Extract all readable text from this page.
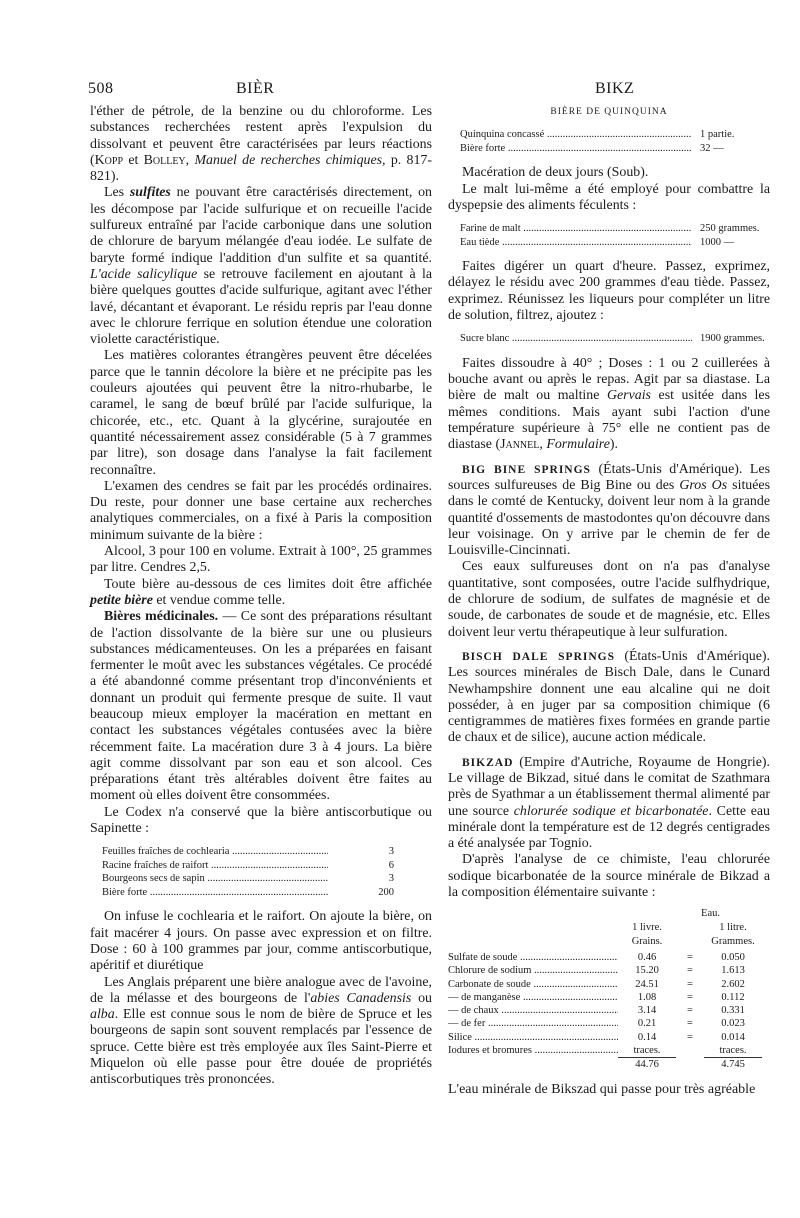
508	BIÈR	BIKZ

l'éther de pétrole, de la benzine ou du chloroforme. Les substances recherchées restent après l'expulsion du dissolvant et peuvent être caractérisées par leurs réactions (Kopp et Bolley, Manuel de recherches chimiques, p. 817-821).

Les sulfites ne pouvant être caractérisés directement, on les décompose par l'acide sulfurique et on recueille l'acide sulfureux entraîné par l'acide carbonique dans une solution de chlorure de baryum mélangée d'eau iodée. Le sulfate de baryte formé indique l'addition d'un sulfite et sa quantité. L'acide salicylique se retrouve facilement en ajoutant à la bière quelques gouttes d'acide sulfurique, agitant avec l'éther lavé, décantant et évaporant. Le résidu repris par l'eau donne avec le chlorure ferrique en solution étendue une coloration violette caractéristique.

Les matières colorantes étrangères peuvent être décelées parce que le tannin décolore la bière et ne précipite pas les couleurs ajoutées qui peuvent être la nitro-rhubarbe, le caramel, le sang de bœuf brûlé par l'acide sulfurique, la chicorée, etc., etc. Quant à la glycérine, surajoutée en quantité nécessairement assez considérable (5 à 7 grammes par litre), son dosage dans l'analyse la fait facilement reconnaître.

L'examen des cendres se fait par les procédés ordinaires. Du reste, pour donner une base certaine aux recherches analytiques commerciales, on a fixé à Paris la composition minimum suivante de la bière :

Alcool, 3 pour 100 en volume. Extrait à 100°, 25 grammes par litre. Cendres 2,5.

Toute bière au-dessous de ces limites doit être affichée petite bière et vendue comme telle.

Bières médicinales. — Ce sont des préparations résultant de l'action dissolvante de la bière sur une ou plusieurs substances médicamenteuses. On les a préparées en faisant fermenter le moût avec les substances végétales. Ce procédé a été abandonné comme présentant trop d'inconvénients et donnant un produit qui fermente presque de suite. Il vaut beaucoup mieux employer la macération en mettant en contact les substances végétales contusées avec la bière récemment faite. La macération dure 3 à 4 jours. La bière agit comme dissolvant par son eau et son alcool. Ces préparations étant très altérables doivent être faites au moment où elles doivent être consommées.

Le Codex n'a conservé que la bière antiscorbutique ou Sapinette :

Feuilles fraîches de cochlearia .....	3
Racine fraîches de raifort .....	6
Bourgeons secs de sapin .....	3
Bière forte .....	200

On infuse le cochlearia et le raifort. On ajoute la bière, on fait macérer 4 jours. On passe avec expression et on filtre. Dose : 60 à 100 grammes par jour, comme antiscorbutique, apéritif et diurétique

Les Anglais préparent une bière analogue avec de l'avoine, de la mélasse et des bourgeons de l'abies Canadensis ou alba. Elle est connue sous le nom de bière de Spruce et les bourgeons de sapin sont souvent remplacés par l'essence de spruce. Cette bière est très employée aux îles Saint-Pierre et Miquelon où elle passe pour être douée de propriétés antiscorbutiques très prononcées.

BIÈRE DE QUINQUINA
Quinquina concassé .....	1 partie.
Bière forte .....	32 —

Macération de deux jours (Soub).

Le malt lui-même a été employé pour combattre la dyspepsie des aliments féculents :

Farine de malt .....	250 grammes.
Eau tiède .....	1000 —

Faites digérer un quart d'heure. Passez, exprimez, délayez le résidu avec 200 grammes d'eau tiède. Passez, exprimez. Réunissez les liqueurs pour compléter un litre de solution, filtrez, ajoutez :

Sucre blanc .....	1900 grammes.

Faites dissoudre à 40° ; Doses : 1 ou 2 cuillerées à bouche avant ou après le repas. Agit par sa diastase. La bière de malt ou maltine Gervais est usitée dans les mêmes conditions. Mais ayant subi l'action d'une température supérieure à 75° elle ne contient pas de diastase (Jannel, Formulaire).

BIG BINE SPRINGS (États-Unis d'Amérique). Les sources sulfureuses de Big Bine ou des Gros Os situées dans le comté de Kentucky, doivent leur nom à la grande quantité d'ossements de mastodontes qu'on découvre dans leur voisinage. On y arrive par le chemin de fer de Louisville-Cincinnati.

Ces eaux sulfureuses dont on n'a pas d'analyse quantitative, sont composées, outre l'acide sulfhydrique, de chlorure de sodium, de sulfates de magnésie et de soude, de carbonates de soude et de magnésie, etc. Elles doivent leur vertu thérapeutique à leur sulfuration.

BISCH DALE SPRINGS (États-Unis d'Amérique). Les sources minérales de Bisch Dale, dans le Cunard Newhampshire donnent une eau alcaline qui ne doit posséder, à en juger par sa composition chimique (6 centigrammes de matières fixes formées en grande partie de chaux et de silice), aucune action médicale.

BIKZAD (Empire d'Autriche, Royaume de Hongrie). Le village de Bikzad, situé dans le comitat de Szathmara près de Syathmar a un établissement thermal alimenté par une source chlorurée sodique et bicarbonatée. Cette eau minérale dont la température est de 12 degrés centigrades a été analysée par Tognio.

D'après l'analyse de ce chimiste, l'eau chlorurée sodique bicarbonatée de la source minérale de Bikzad a la composition élémentaire suivante :

Eau.
1 livre.	1 litre.
Grains.	Grammes.
Sulfate de soude .....	0.46	=	0.050
Chlorure de sodium .....	15.20	=	1.613
Carbonate de soude .....	24.51	=	2.602
— de manganèse .....	1.08	=	0.112
— de chaux .....	3.14	=	0.331
— de fer .....	0.21	=	0.023
Silice .....	0.14	=	0.014
Iodures et bromures .....	traces.	traces.
44.76	4.745

L'eau minérale de Bikszad qui passe pour très agréable
